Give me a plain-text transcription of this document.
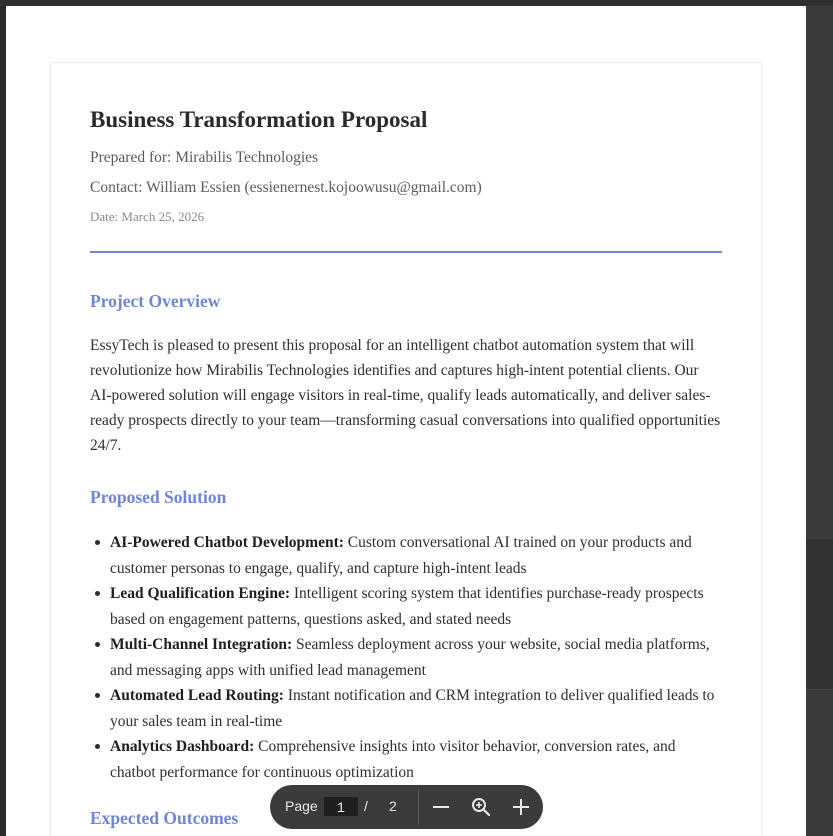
Business Transformation Proposal

Prepared for: Mirabilis Technologies

Contact: William Essien (essienernest.kojoowusu@gmail.com)

Date: March 25, 2026

Project Overview

EssyTech is pleased to present this proposal for an intelligent chatbot automation system that will revolutionize how Mirabilis Technologies identifies and captures high-intent potential clients. Our AI-powered solution will engage visitors in real-time, qualify leads automatically, and deliver sales-ready prospects directly to your team—transforming casual conversations into qualified opportunities 24/7.

Proposed Solution
AI-Powered Chatbot Development: Custom conversational AI trained on your products and customer personas to engage, qualify, and capture high-intent leads
Lead Qualification Engine: Intelligent scoring system that identifies purchase-ready prospects based on engagement patterns, questions asked, and stated needs
Multi-Channel Integration: Seamless deployment across your website, social media platforms, and messaging apps with unified lead management
Automated Lead Routing: Instant notification and CRM integration to deliver qualified leads to your sales team in real-time
Analytics Dashboard: Comprehensive insights into visitor behavior, conversion rates, and chatbot performance for continuous optimization
Expected Outcomes
Page
1	/ 2
